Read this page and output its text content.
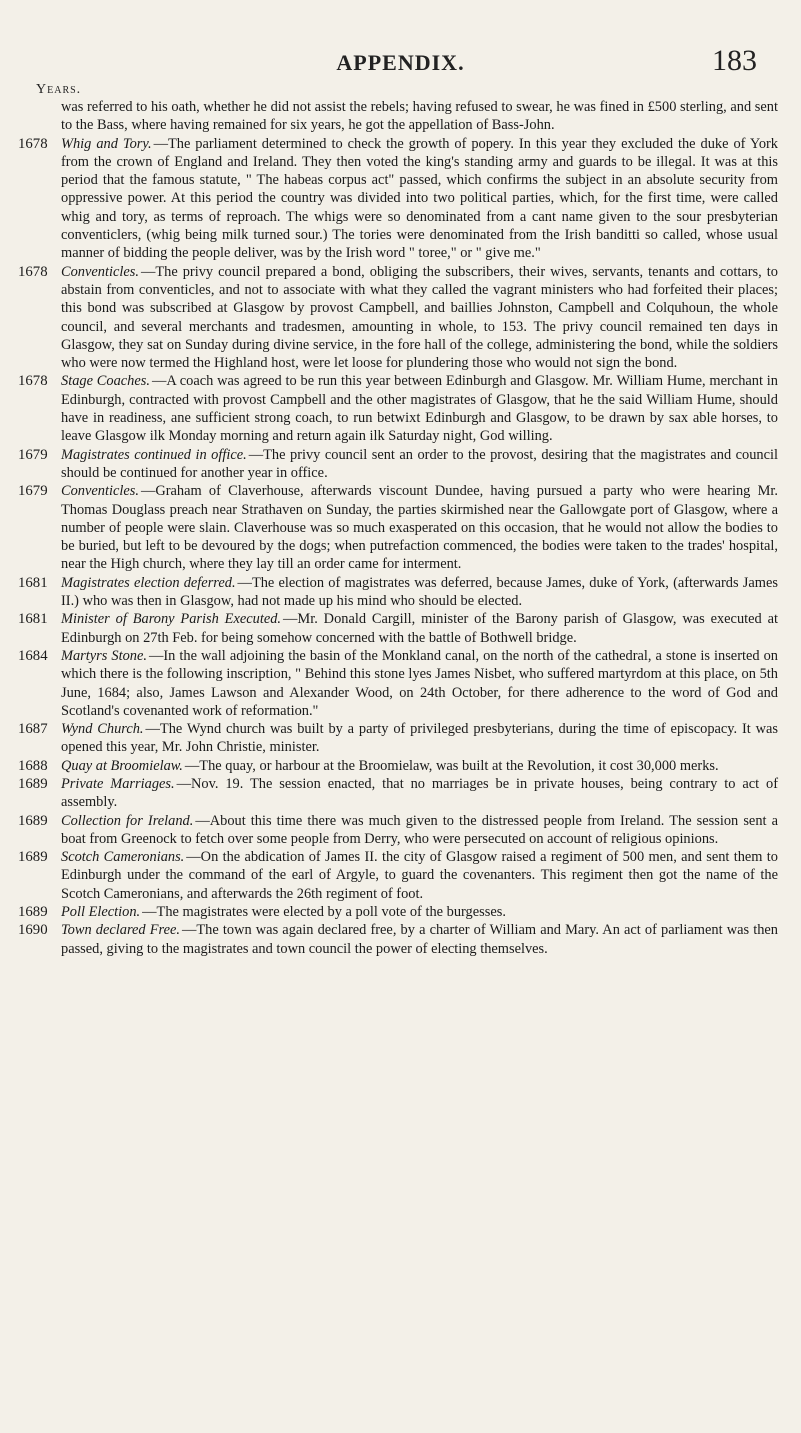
APPENDIX.	183
Years.

was referred to his oath, whether he did not assist the rebels; having refused to swear, he was fined in £500 sterling, and sent to the Bass, where having remained for six years, he got the appellation of Bass-John.

1678 Whig and Tory. —The parliament determined to check the growth of popery. In this year they excluded the duke of York from the crown of England and Ireland. They then voted the king's standing army and guards to be illegal. It was at this period that the famous statute, " The habeas corpus act" passed, which confirms the subject in an absolute security from oppressive power. At this period the country was divided into two political parties, which, for the first time, were called whig and tory, as terms of reproach. The whigs were so denominated from a cant name given to the sour presbyterian conventiclers, (whig being milk turned sour.) The tories were denominated from the Irish banditti so called, whose usual manner of bidding the people deliver, was by the Irish word " toree," or " give me."

1678 Conventicles. —The privy council prepared a bond, obliging the subscribers, their wives, servants, tenants and cottars, to abstain from conventicles, and not to associate with what they called the vagrant ministers who had forfeited their places; this bond was subscribed at Glasgow by provost Campbell, and baillies Johnston, Campbell and Colquhoun, the whole council, and several merchants and tradesmen, amounting in whole, to 153. The privy council remained ten days in Glasgow, they sat on Sunday during divine service, in the fore hall of the college, administering the bond, while the soldiers who were now termed the Highland host, were let loose for plundering those who would not sign the bond.

1678 Stage Coaches. —A coach was agreed to be run this year between Edinburgh and Glasgow. Mr. William Hume, merchant in Edinburgh, contracted with provost Campbell and the other magistrates of Glasgow, that he the said William Hume, should have in readiness, ane sufficient strong coach, to run betwixt Edinburgh and Glasgow, to be drawn by sax able horses, to leave Glasgow ilk Monday morning and return again ilk Saturday night, God willing.

1679 Magistrates continued in office. —The privy council sent an order to the provost, desiring that the magistrates and council should be continued for another year in office.

1679 Conventicles. —Graham of Claverhouse, afterwards viscount Dundee, having pursued a party who were hearing Mr. Thomas Douglass preach near Strathaven on Sunday, the parties skirmished near the Gallowgate port of Glasgow, where a number of people were slain. Claverhouse was so much exasperated on this occasion, that he would not allow the bodies to be buried, but left to be devoured by the dogs; when putrefaction commenced, the bodies were taken to the trades' hospital, near the High church, where they lay till an order came for interment.

1681 Magistrates election deferred. —The election of magistrates was deferred, because James, duke of York, (afterwards James II.) who was then in Glasgow, had not made up his mind who should be elected.

1681 Minister of Barony Parish Executed. —Mr. Donald Cargill, minister of the Barony parish of Glasgow, was executed at Edinburgh on 27th Feb. for being somehow concerned with the battle of Bothwell bridge.

1684 Martyrs Stone. —In the wall adjoining the basin of the Monkland canal, on the north of the cathedral, a stone is inserted on which there is the following inscription, " Behind this stone lyes James Nisbet, who suffered martyrdom at this place, on 5th June, 1684; also, James Lawson and Alexander Wood, on 24th October, for there adherence to the word of God and Scotland's covenanted work of reformation."

1687 Wynd Church. —The Wynd church was built by a party of privileged presbyterians, during the time of episcopacy. It was opened this year, Mr. John Christie, minister.

1688 Quay at Broomielaw. —The quay, or harbour at the Broomielaw, was built at the Revolution, it cost 30,000 merks.

1689 Private Marriages. —Nov. 19. The session enacted, that no marriages be in private houses, being contrary to act of assembly.

1689 Collection for Ireland. —About this time there was much given to the distressed people from Ireland. The session sent a boat from Greenock to fetch over some people from Derry, who were persecuted on account of religious opinions.

1689 Scotch Cameronians. —On the abdication of James II. the city of Glasgow raised a regiment of 500 men, and sent them to Edinburgh under the command of the earl of Argyle, to guard the covenanters. This regiment then got the name of the Scotch Cameronians, and afterwards the 26th regiment of foot.

1689 Poll Election. —The magistrates were elected by a poll vote of the burgesses.

1690 Town declared Free. —The town was again declared free, by a charter of William and Mary. An act of parliament was then passed, giving to the magistrates and town council the power of electing themselves.
